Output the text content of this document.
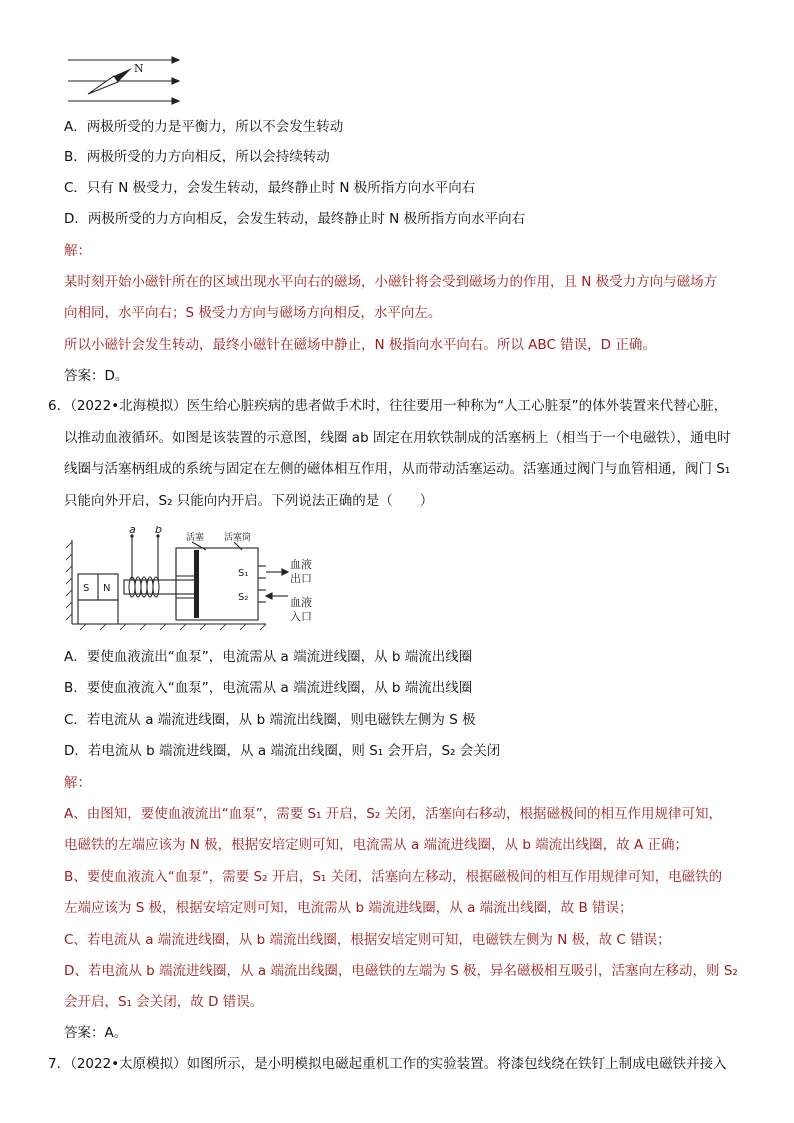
N
A．两极所受的力是平衡力，所以不会发生转动
B．两极所受的力方向相反，所以会持续转动
C．只有 N 极受力，会发生转动，最终静止时 N 极所指方向水平向右
D．两极所受的力方向相反，会发生转动，最终静止时 N 极所指方向水平向右
解：
某时刻开始小磁针所在的区域出现水平向右的磁场，小磁针将会受到磁场力的作用，且 N 极受力方向与磁场方
向相同，水平向右；S 极受力方向与磁场方向相反，水平向左。
所以小磁针会发生转动，最终小磁针在磁场中静止，N 极指向水平向右。所以 ABC 错误，D 正确。
答案：D。
6．（2022•北海模拟）医生给心脏疾病的患者做手术时，往往要用一种称为“人工心脏泵”的体外装置来代替心脏，
以推动血液循环。如图是该装置的示意图，线圈 ab 固定在用软铁制成的活塞柄上（相当于一个电磁铁），通电时
线圈与活塞柄组成的系统与固定在左侧的磁体相互作用，从而带动活塞运动。活塞通过阀门与血管相通，阀门 S₁
只能向外开启，S₂ 只能向内开启。下列说法正确的是（　　）
S N
a b
活塞 活塞筒
S₁
S₂
血液
出口
血液
入口
A．要使血液流出“血泵”，电流需从 a 端流进线圈，从 b 端流出线圈
B．要使血液流入“血泵”，电流需从 a 端流进线圈，从 b 端流出线圈
C．若电流从 a 端流进线圈，从 b 端流出线圈，则电磁铁左侧为 S 极
D．若电流从 b 端流进线圈，从 a 端流出线圈，则 S₁ 会开启，S₂ 会关闭
解：
A、由图知，要使血液流出“血泵”，需要 S₁ 开启，S₂ 关闭，活塞向右移动，根据磁极间的相互作用规律可知，
电磁铁的左端应该为 N 极，根据安培定则可知，电流需从 a 端流进线圈，从 b 端流出线圈，故 A 正确；
B、要使血液流入“血泵”，需要 S₂ 开启，S₁ 关闭，活塞向左移动，根据磁极间的相互作用规律可知，电磁铁的
左端应该为 S 极，根据安培定则可知，电流需从 b 端流进线圈，从 a 端流出线圈，故 B 错误；
C、若电流从 a 端流进线圈，从 b 端流出线圈，根据安培定则可知，电磁铁左侧为 N 极，故 C 错误；
D、若电流从 b 端流进线圈，从 a 端流出线圈，电磁铁的左端为 S 极，异名磁极相互吸引，活塞向左移动，则 S₂
会开启，S₁ 会关闭，故 D 错误。
答案：A。
7．（2022•太原模拟）如图所示，是小明模拟电磁起重机工作的实验装置。将漆包线绕在铁钉上制成电磁铁并接入
